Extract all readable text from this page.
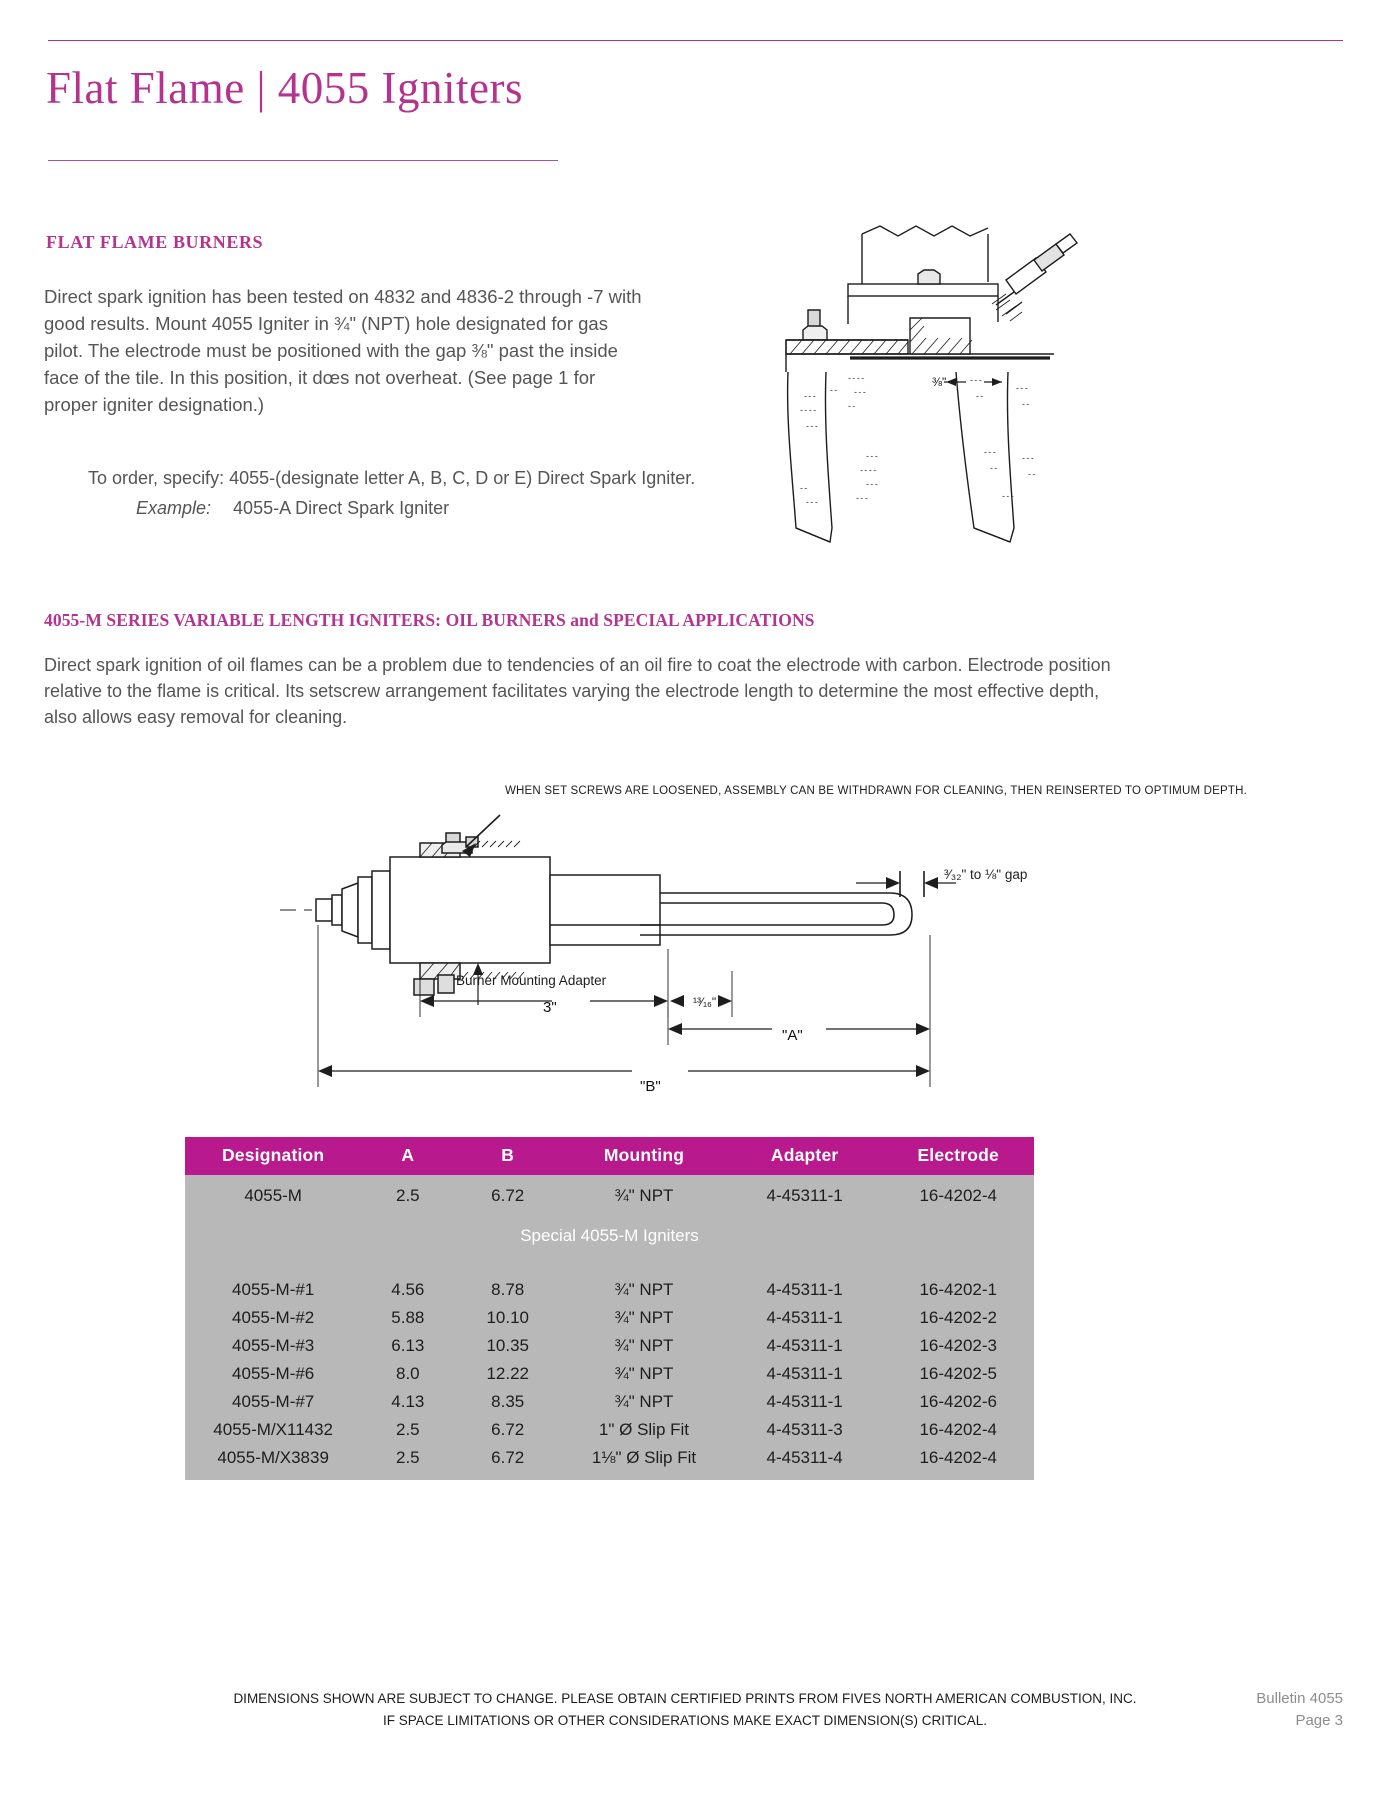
Flat Flame | 4055 Igniters
FLAT FLAME BURNERS
Direct spark ignition has been tested on 4832 and 4836-2 through -7 with good results. Mount 4055 Igniter in ¾" (NPT) hole designated for gas pilot. The electrode must be positioned with the gap ⅜" past the inside face of the tile. In this position, it dœs not overheat. (See page 1 for proper igniter designation.)
To order, specify: 4055-(designate letter A, B, C, D or E) Direct Spark Igniter.
Example: 4055-A Direct Spark Igniter
⌁ ⌁ ⌁
⌁ ⌁ ⌁ ⌁
⌁ ⌁ ⌁
⌁ ⌁
⌁ ⌁ ⌁ ⌁
⌁ ⌁ ⌁
⌁ ⌁
⌁ ⌁ ⌁
⌁ ⌁ ⌁ ⌁
⌁ ⌁ ⌁
⌁ ⌁ ⌁
⌁ ⌁
⌁ ⌁ ⌁
⌁ ⌁ ⌁
⌁ ⌁
⌁ ⌁ ⌁
⌁ ⌁
⌁ ⌁ ⌁
⌁ ⌁
⌁ ⌁ ⌁
⌁ ⌁
⌁ ⌁ ⌁
⅜"
4055-M SERIES VARIABLE LENGTH IGNITERS: OIL BURNERS and SPECIAL APPLICATIONS
Direct spark ignition of oil flames can be a problem due to tendencies of an oil fire to coat the electrode with carbon. Electrode position relative to the flame is critical. Its setscrew arrangement facilitates varying the electrode length to determine the most effective depth, also allows easy removal for cleaning.
WHEN SET SCREWS ARE LOOSENED, ASSEMBLY CAN BE WITHDRAWN FOR CLEANING, THEN REINSERTED TO OPTIMUM DEPTH.
Burner Mounting Adapter
³⁄₃₂" to ⅛" gap
3"	¹³⁄₁₆"
"A"
"B"
Designation	A	B	Mounting	Adapter	Electrode
4055-M	2.5	6.72	¾" NPT	4-45311-1	16-4202-4
Special 4055-M Igniters					

4055-M-#1	4.56	8.78	¾" NPT	4-45311-1	16-4202-1
4055-M-#2	5.88	10.10	¾" NPT	4-45311-1	16-4202-2
4055-M-#3	6.13	10.35	¾" NPT	4-45311-1	16-4202-3
4055-M-#6	8.0	12.22	¾" NPT	4-45311-1	16-4202-5
4055-M-#7	4.13	8.35	¾" NPT	4-45311-1	16-4202-6
4055-M/X11432	2.5	6.72	1" Ø Slip Fit	4-45311-3	16-4202-4
4055-M/X3839	2.5	6.72	1⅛" Ø Slip Fit	4-45311-4	16-4202-4
DIMENSIONS SHOWN ARE SUBJECT TO CHANGE. PLEASE OBTAIN CERTIFIED PRINTS FROM FIVES NORTH AMERICAN COMBUSTION, INC.
IF SPACE LIMITATIONS OR OTHER CONSIDERATIONS MAKE EXACT DIMENSION(S) CRITICAL.
Bulletin 4055
Page 3
